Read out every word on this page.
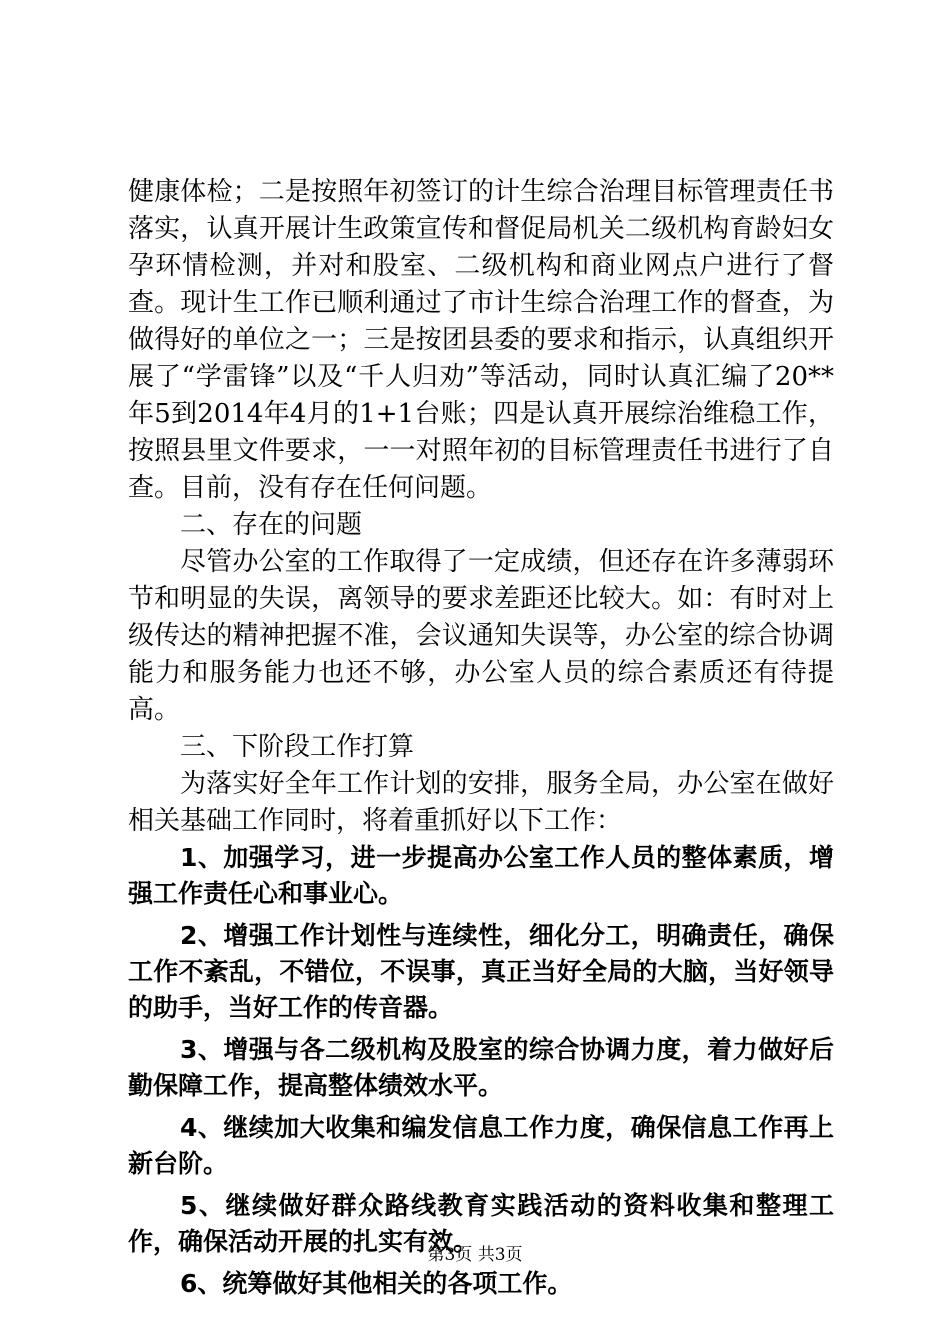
健康体检；二是按照年初签订的计生综合治理目标管理责任书落实，认真开展计生政策宣传和督促局机关二级机构育龄妇女孕环情检测，并对和股室、二级机构和商业网点户进行了督查。现计生工作已顺利通过了市计生综合治理工作的督查，为做得好的单位之一；三是按团县委的要求和指示，认真组织开展了“学雷锋”以及“千人归劝”等活动，同时认真汇编了20**年5到2014年4月的1+1台账；四是认真开展综治维稳工作，按照县里文件要求，一一对照年初的目标管理责任书进行了自查。目前，没有存在任何问题。

二、存在的问题

尽管办公室的工作取得了一定成绩，但还存在许多薄弱环节和明显的失误，离领导的要求差距还比较大。如：有时对上级传达的精神把握不准，会议通知失误等，办公室的综合协调能力和服务能力也还不够，办公室人员的综合素质还有待提高。

三、下阶段工作打算

为落实好全年工作计划的安排，服务全局，办公室在做好相关基础工作同时，将着重抓好以下工作：

1、加强学习，进一步提高办公室工作人员的整体素质，增强工作责任心和事业心。

2、增强工作计划性与连续性，细化分工，明确责任，确保工作不紊乱，不错位，不误事，真正当好全局的大脑，当好领导的助手，当好工作的传音器。

3、增强与各二级机构及股室的综合协调力度，着力做好后勤保障工作，提高整体绩效水平。

4、继续加大收集和编发信息工作力度，确保信息工作再上新台阶。

5、继续做好群众路线教育实践活动的资料收集和整理工作，确保活动开展的扎实有效。

6、统筹做好其他相关的各项工作。

第3页 共3页
